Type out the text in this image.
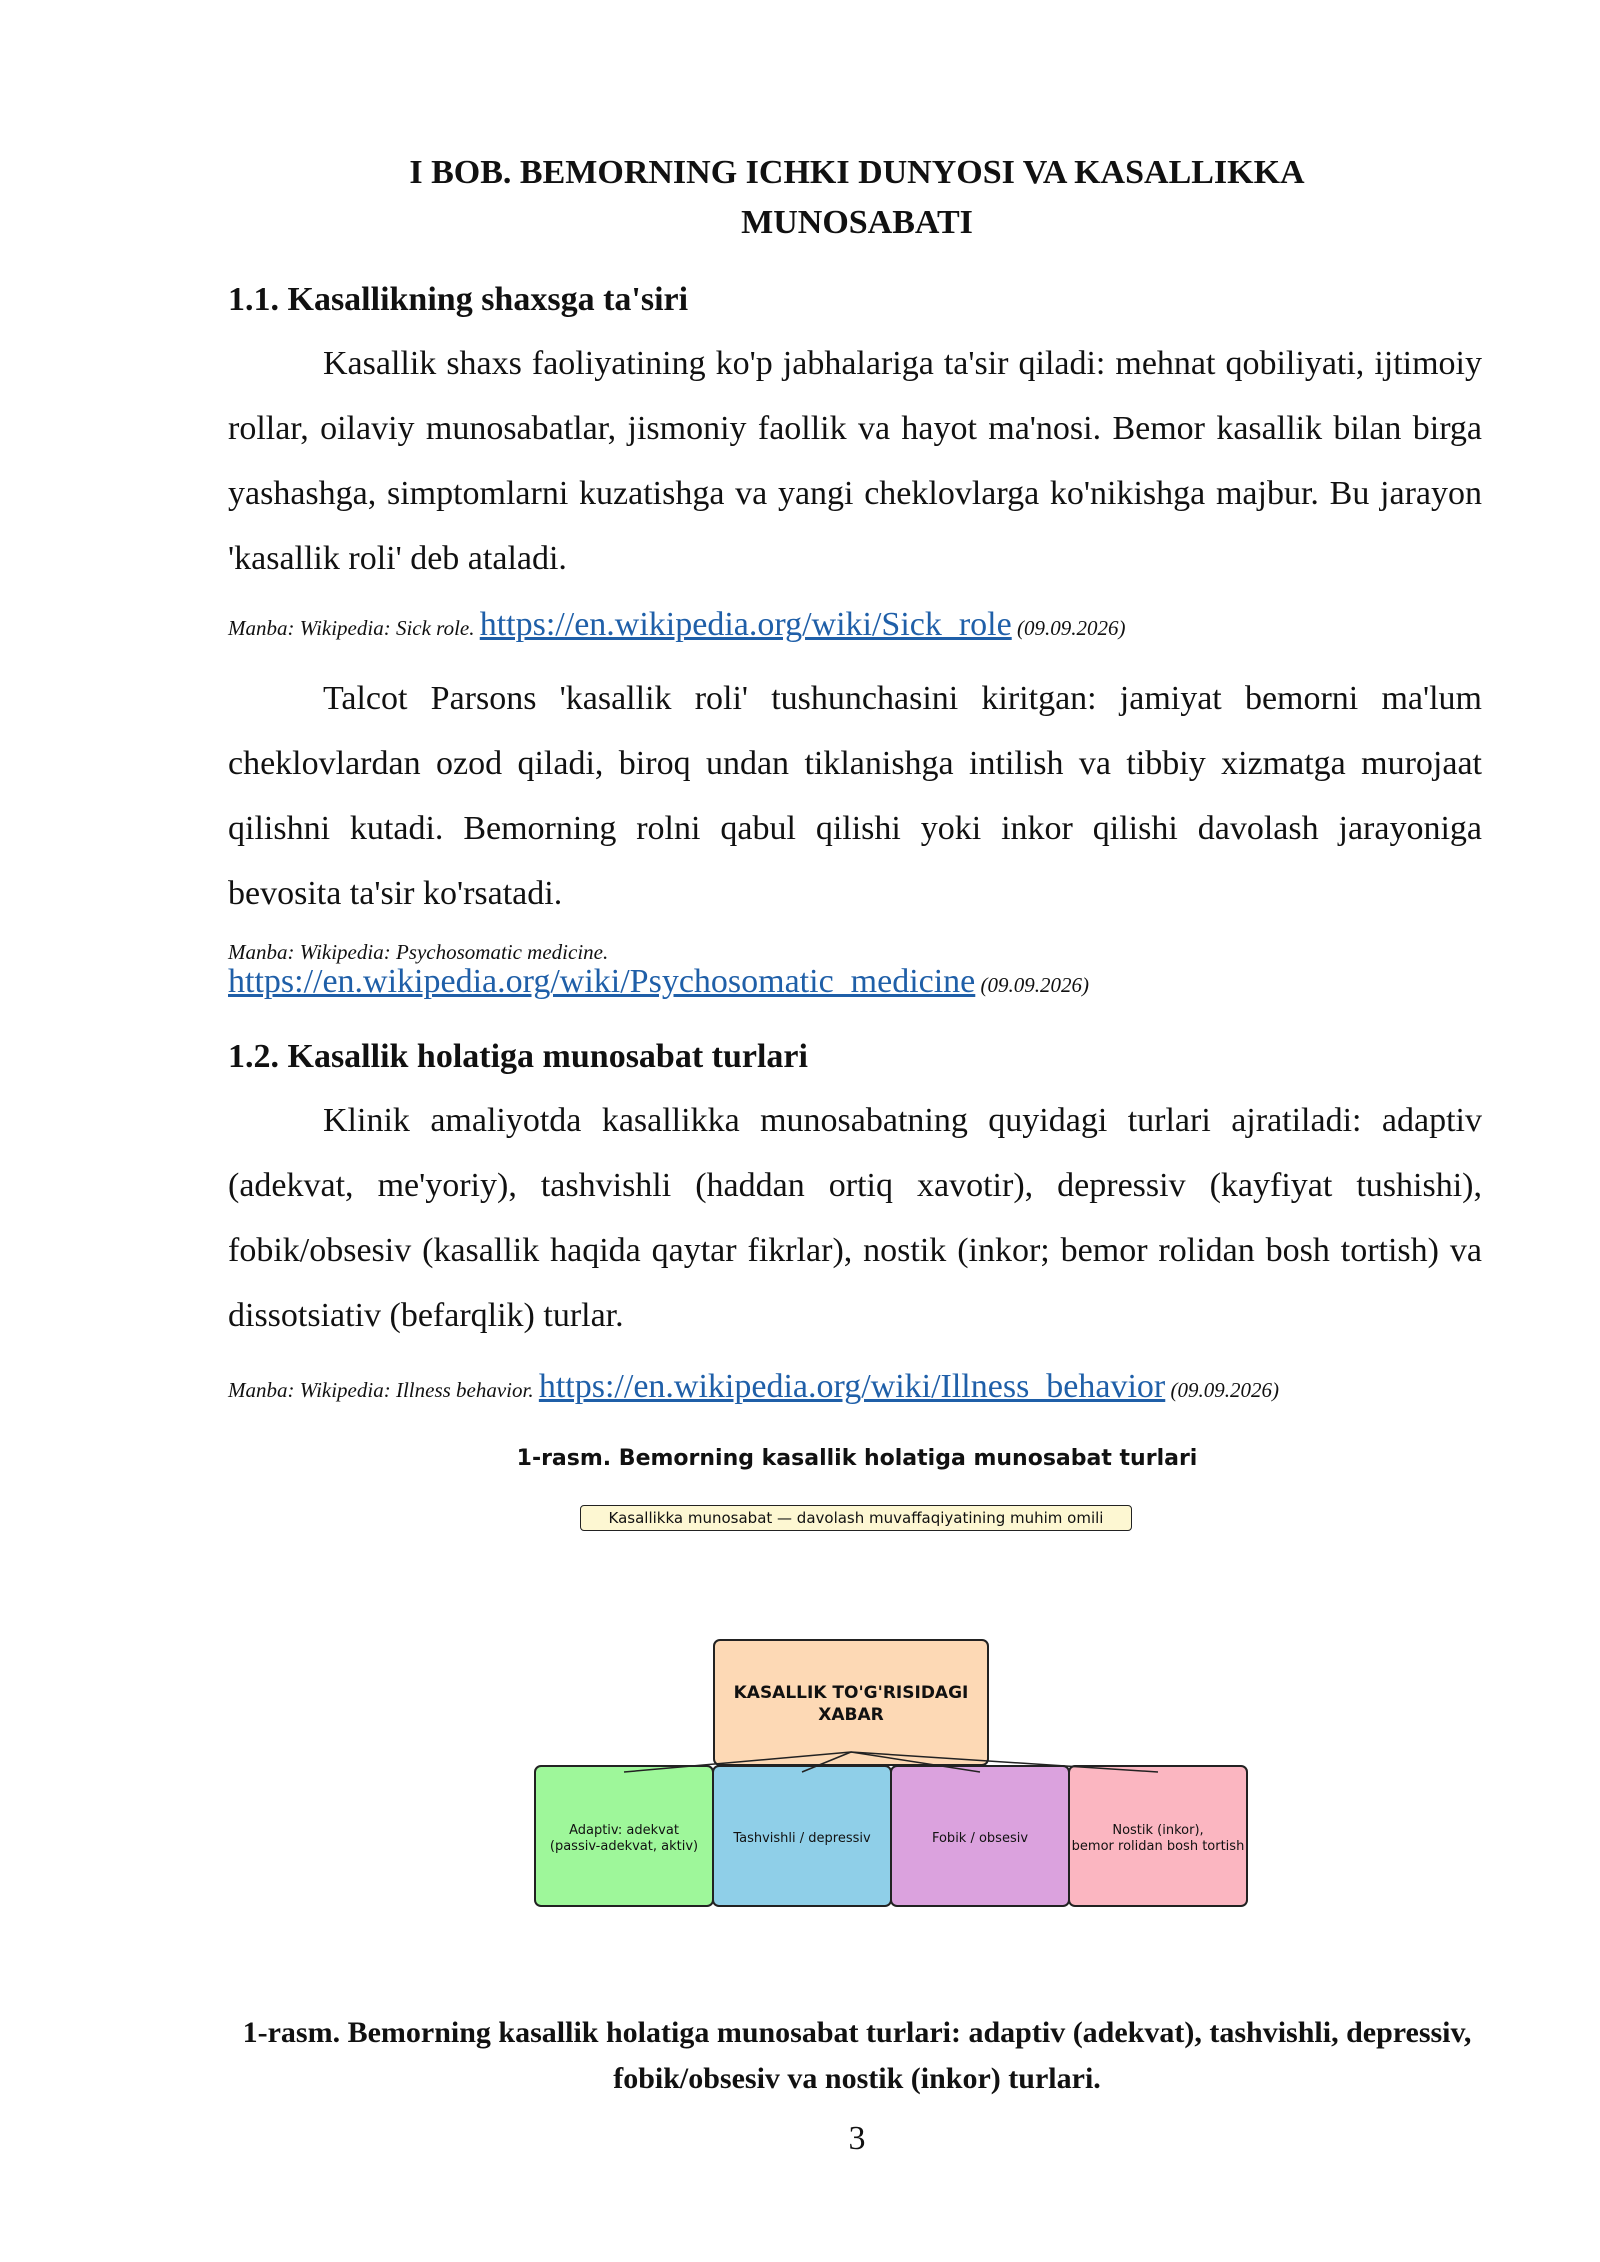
I BOB. BEMORNING ICHKI DUNYOSI VA KASALLIKKA
MUNOSABATI
1.1. Kasallikning shaxsga ta'siri

Kasallik shaxs faoliyatining ko'p jabhalariga ta'sir qiladi: mehnat qobiliyati, ijtimoiy rollar, oilaviy munosabatlar, jismoniy faollik va hayot ma'nosi. Bemor kasallik bilan birga yashashga, simptomlarni kuzatishga va yangi cheklovlarga ko'nikishga majbur. Bu jarayon 'kasallik roli' deb ataladi.

Manba: Wikipedia: Sick role. https://en.wikipedia.org/wiki/Sick_role (09.09.2026)

Talcot Parsons 'kasallik roli' tushunchasini kiritgan: jamiyat bemorni ma'lum cheklovlardan ozod qiladi, biroq undan tiklanishga intilish va tibbiy xizmatga murojaat qilishni kutadi. Bemorning rolni qabul qilishi yoki inkor qilishi davolash jarayoniga bevosita ta'sir ko'rsatadi.

Manba: Wikipedia: Psychosomatic medicine.
https://en.wikipedia.org/wiki/Psychosomatic_medicine (09.09.2026)
1.2. Kasallik holatiga munosabat turlari

Klinik amaliyotda kasallikka munosabatning quyidagi turlari ajratiladi: adaptiv (adekvat, me'yoriy), tashvishli (haddan ortiq xavotir), depressiv (kayfiyat tushishi), fobik/obsesiv (kasallik haqida qaytar fikrlar), nostik (inkor; bemor rolidan bosh tortish) va dissotsiativ (befarqlik) turlar.

Manba: Wikipedia: Illness behavior. https://en.wikipedia.org/wiki/Illness_behavior (09.09.2026)
1-rasm. Bemorning kasallik holatiga munosabat turlari
Kasallikka munosabat — davolash muvaffaqiyatining muhim omili
KASALLIK TO'G'RISIDAGI
XABAR
Adaptiv: adekvat
(passiv-adekvat, aktiv)
Tashvishli / depressiv	Fobik / obsesiv
Nostik (inkor),
bemor rolidan bosh tortish
1-rasm. Bemorning kasallik holatiga munosabat turlari: adaptiv (adekvat), tashvishli, depressiv, fobik/obsesiv va nostik (inkor) turlari.
3
